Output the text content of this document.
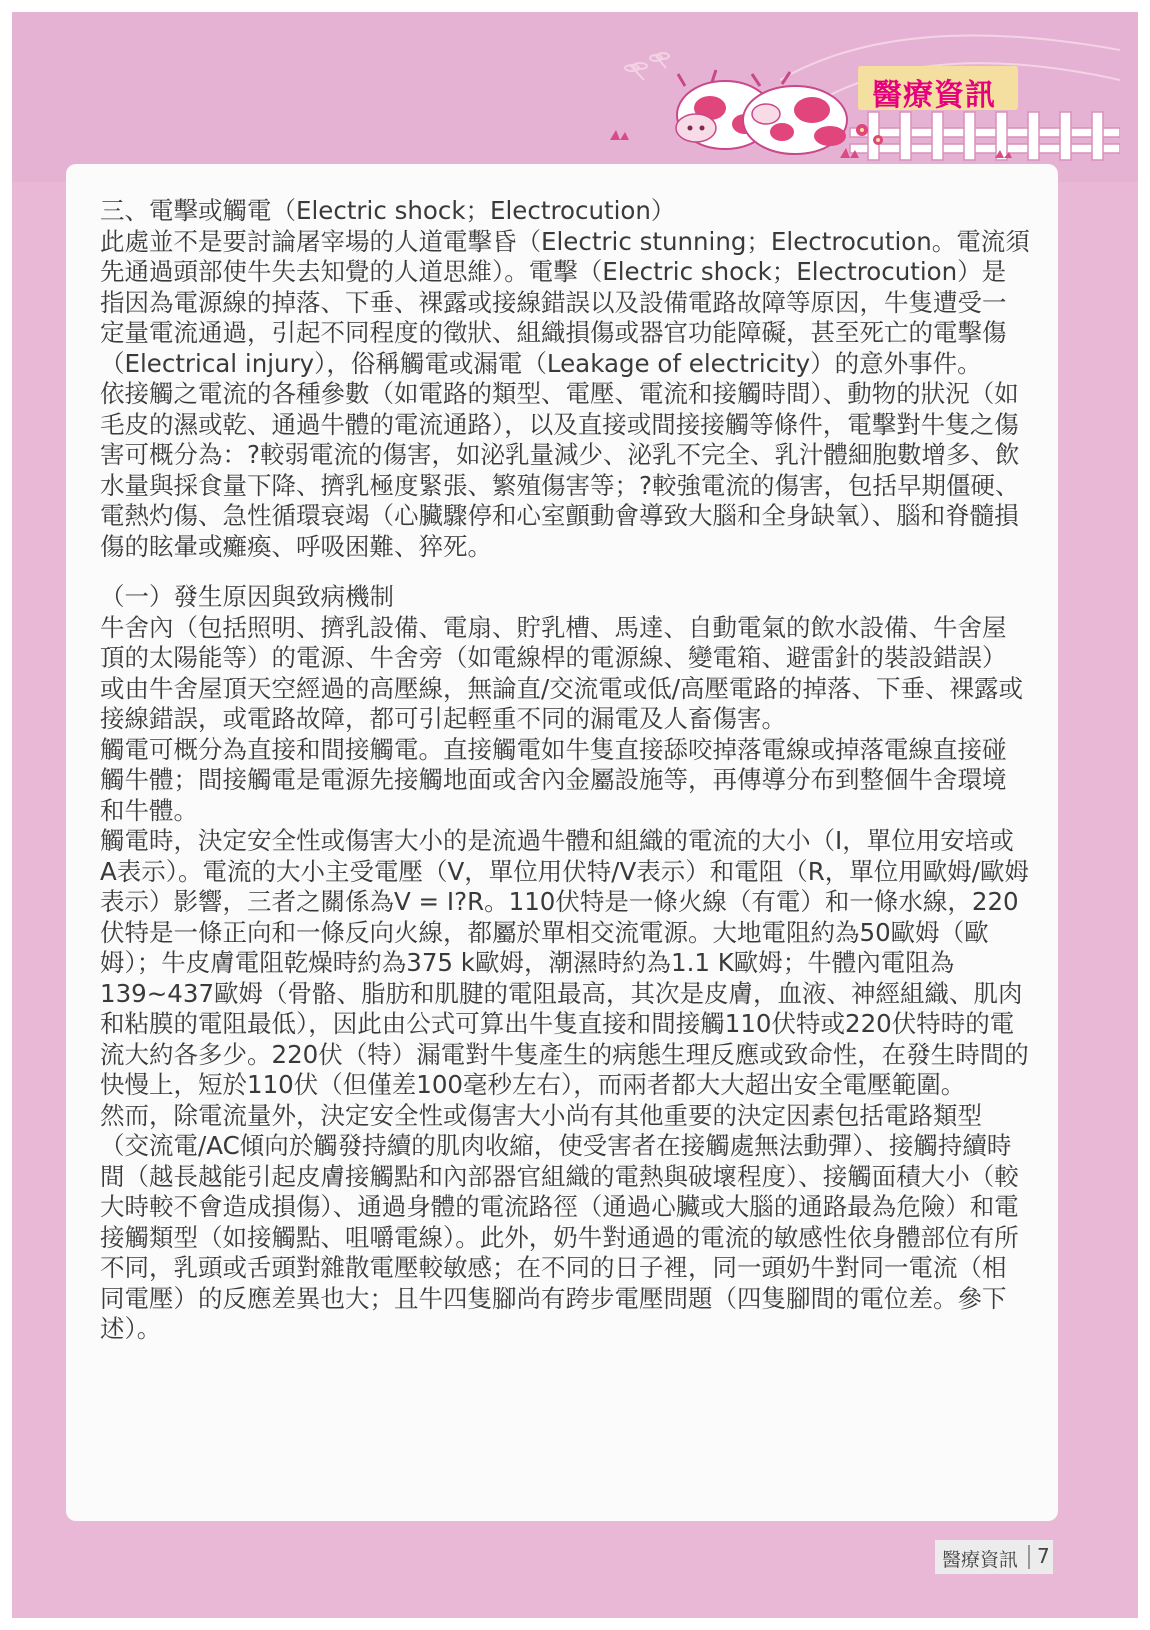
醫療資訊

三、電擊或觸電（Electric shock；Electrocution）

此處並不是要討論屠宰場的人道電擊昏（Electric stunning；Electrocution。電流須先通過頭部使牛失去知覺的人道思維）。電擊（Electric shock；Electrocution）是指因為電源線的掉落、下垂、裸露或接線錯誤以及設備電路故障等原因，牛隻遭受一定量電流通過，引起不同程度的徵狀、組織損傷或器官功能障礙，甚至死亡的電擊傷（Electrical injury），俗稱觸電或漏電（Leakage of electricity）的意外事件。

依接觸之電流的各種參數（如電路的類型、電壓、電流和接觸時間）、動物的狀況（如毛皮的濕或乾、通過牛體的電流通路），以及直接或間接接觸等條件，電擊對牛隻之傷害可概分為：?較弱電流的傷害，如泌乳量減少、泌乳不完全、乳汁體細胞數增多、飲水量與採食量下降、擠乳極度緊張、繁殖傷害等；?較強電流的傷害，包括早期僵硬、電熱灼傷、急性循環衰竭（心臟驟停和心室顫動會導致大腦和全身缺氧）、腦和脊髓損傷的眩暈或癱瘓、呼吸困難、猝死。

（一）發生原因與致病機制

牛舍內（包括照明、擠乳設備、電扇、貯乳槽、馬達、自動電氣的飲水設備、牛舍屋頂的太陽能等）的電源、牛舍旁（如電線桿的電源線、變電箱、避雷針的裝設錯誤）或由牛舍屋頂天空經過的高壓線，無論直/交流電或低/高壓電路的掉落、下垂、裸露或接線錯誤，或電路故障，都可引起輕重不同的漏電及人畜傷害。

觸電可概分為直接和間接觸電。直接觸電如牛隻直接舔咬掉落電線或掉落電線直接碰觸牛體；間接觸電是電源先接觸地面或舍內金屬設施等，再傳導分布到整個牛舍環境和牛體。

觸電時，決定安全性或傷害大小的是流過牛體和組織的電流的大小（I，單位用安培或A表示）。電流的大小主受電壓（V，單位用伏特/V表示）和電阻（R，單位用歐姆/歐姆表示）影響，三者之關係為V = I?R。110伏特是一條火線（有電）和一條水線，220伏特是一條正向和一條反向火線，都屬於單相交流電源。大地電阻約為50歐姆（歐姆）；牛皮膚電阻乾燥時約為375 k歐姆，潮濕時約為1.1 K歐姆；牛體內電阻為139~437歐姆（骨骼、脂肪和肌腱的電阻最高，其次是皮膚，血液、神經組織、肌肉和粘膜的電阻最低），因此由公式可算出牛隻直接和間接觸110伏特或220伏特時的電流大約各多少。220伏（特）漏電對牛隻產生的病態生理反應或致命性，在發生時間的快慢上，短於110伏（但僅差100毫秒左右），而兩者都大大超出安全電壓範圍。

然而，除電流量外，決定安全性或傷害大小尚有其他重要的決定因素包括電路類型（交流電/AC傾向於觸發持續的肌肉收縮，使受害者在接觸處無法動彈）、接觸持續時間（越長越能引起皮膚接觸點和內部器官組織的電熱與破壞程度）、接觸面積大小（較大時較不會造成損傷）、通過身體的電流路徑（通過心臟或大腦的通路最為危險）和電接觸類型（如接觸點、咀嚼電線）。此外，奶牛對通過的電流的敏感性依身體部位有所不同，乳頭或舌頭對雜散電壓較敏感；在不同的日子裡，同一頭奶牛對同一電流（相同電壓）的反應差異也大；且牛四隻腳尚有跨步電壓問題（四隻腳間的電位差。參下述）。

醫療資訊 7
